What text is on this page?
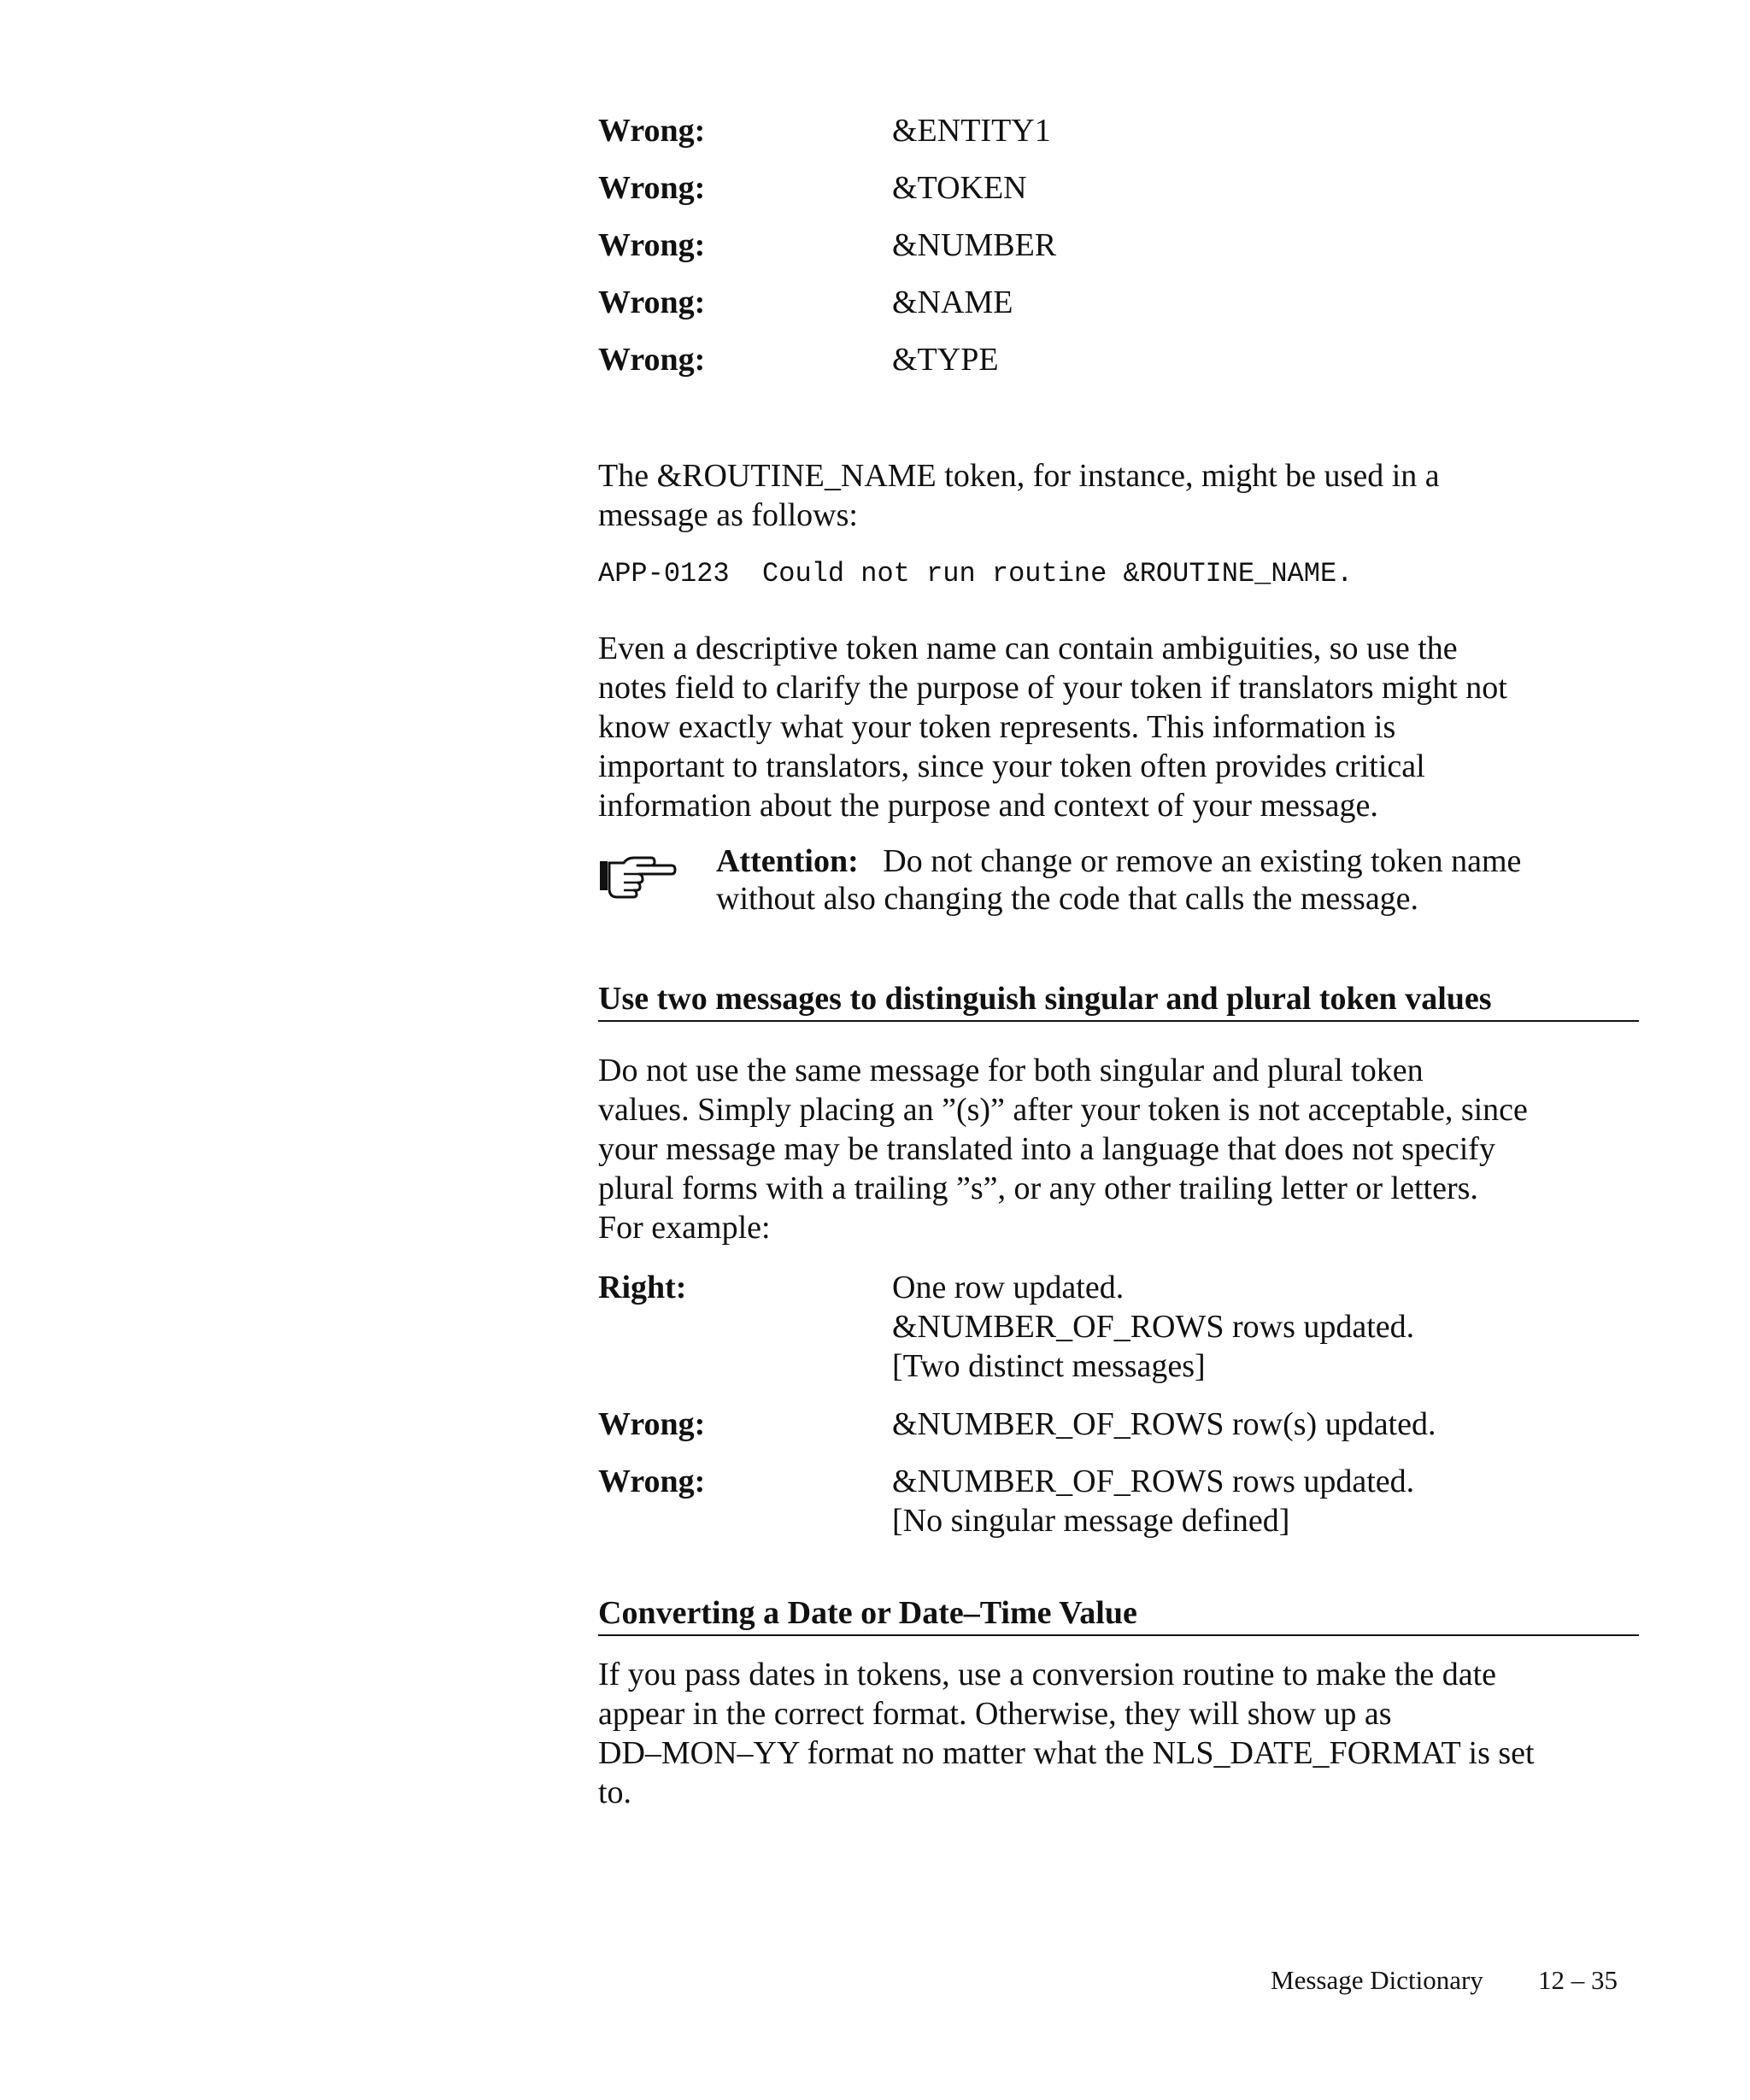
Wrong:	&ENTITY1
Wrong:	&TOKEN
Wrong:	&NUMBER
Wrong:	&NAME
Wrong:	&TYPE
The &ROUTINE_NAME token, for instance, might be used in a
message as follows:
APP-0123  Could not run routine &ROUTINE_NAME.
Even a descriptive token name can contain ambiguities, so use the
notes field to clarify the purpose of your token if translators might not
know exactly what your token represents. This information is
important to translators, since your token often provides critical
information about the purpose and context of your message.
Attention: Do not change or remove an existing token name
without also changing the code that calls the message.
Use two messages to distinguish singular and plural token values
Do not use the same message for both singular and plural token
values. Simply placing an ”(s)” after your token is not acceptable, since
your message may be translated into a language that does not specify
plural forms with a trailing ”s”, or any other trailing letter or letters.
For example:
Right:	One row updated.
&NUMBER_OF_ROWS rows updated.
[Two distinct messages]
Wrong:	&NUMBER_OF_ROWS row(s) updated.
Wrong:	&NUMBER_OF_ROWS rows updated.
[No singular message defined]
Converting a Date or Date–Time Value
If you pass dates in tokens, use a conversion routine to make the date
appear in the correct format. Otherwise, they will show up as
DD–MON–YY format no matter what the NLS_DATE_FORMAT is set
to.
Message Dictionary 12 – 35
